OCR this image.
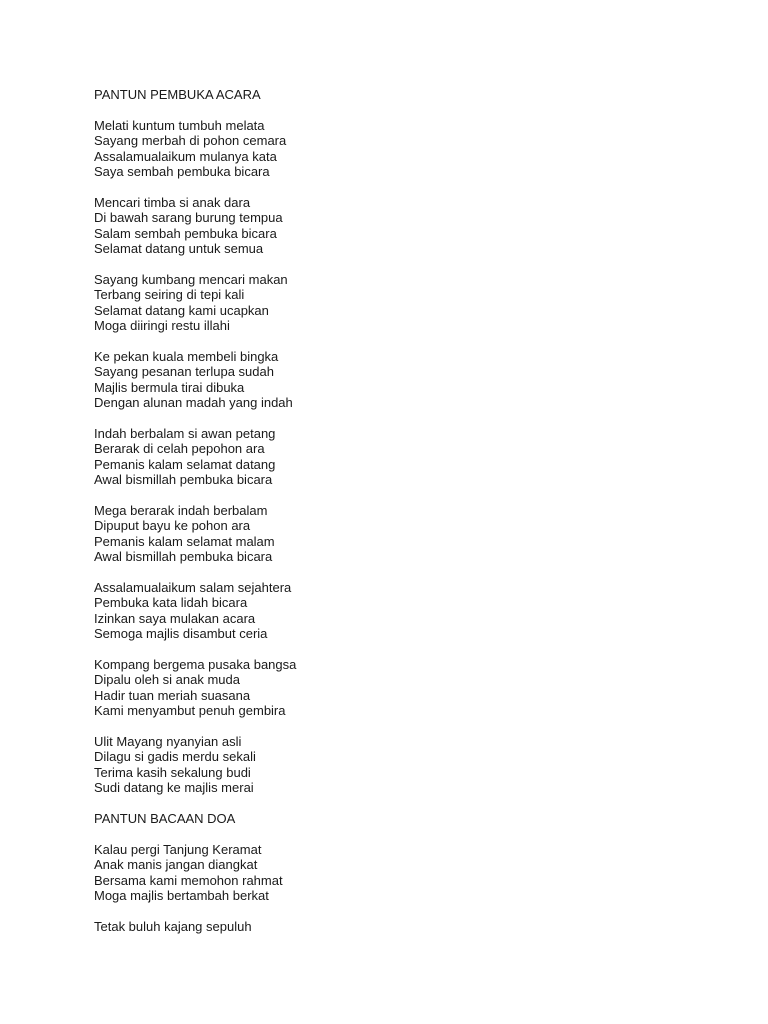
PANTUN PEMBUKA ACARA
Melati kuntum tumbuh melata
Sayang merbah di pohon cemara
Assalamualaikum mulanya kata
Saya sembah pembuka bicara
Mencari timba si anak dara
Di bawah sarang burung tempua
Salam sembah pembuka bicara
Selamat datang untuk semua
Sayang kumbang mencari makan
Terbang seiring di tepi kali
Selamat datang kami ucapkan
Moga diiringi restu illahi
Ke pekan kuala membeli bingka
Sayang pesanan terlupa sudah
Majlis bermula tirai dibuka
Dengan alunan madah yang indah
Indah berbalam si awan petang
Berarak di celah pepohon ara
Pemanis kalam selamat datang
Awal bismillah pembuka bicara
Mega berarak indah berbalam
Dipuput bayu ke pohon ara
Pemanis kalam selamat malam
Awal bismillah pembuka bicara
Assalamualaikum salam sejahtera
Pembuka kata lidah bicara
Izinkan saya mulakan acara
Semoga majlis disambut ceria
Kompang bergema pusaka bangsa
Dipalu oleh si anak muda
Hadir tuan meriah suasana
Kami menyambut penuh gembira
Ulit Mayang nyanyian asli
Dilagu si gadis merdu sekali
Terima kasih sekalung budi
Sudi datang ke majlis merai
PANTUN BACAAN DOA
Kalau pergi Tanjung Keramat
Anak manis jangan diangkat
Bersama kami memohon rahmat
Moga majlis bertambah berkat
Tetak buluh kajang sepuluh
